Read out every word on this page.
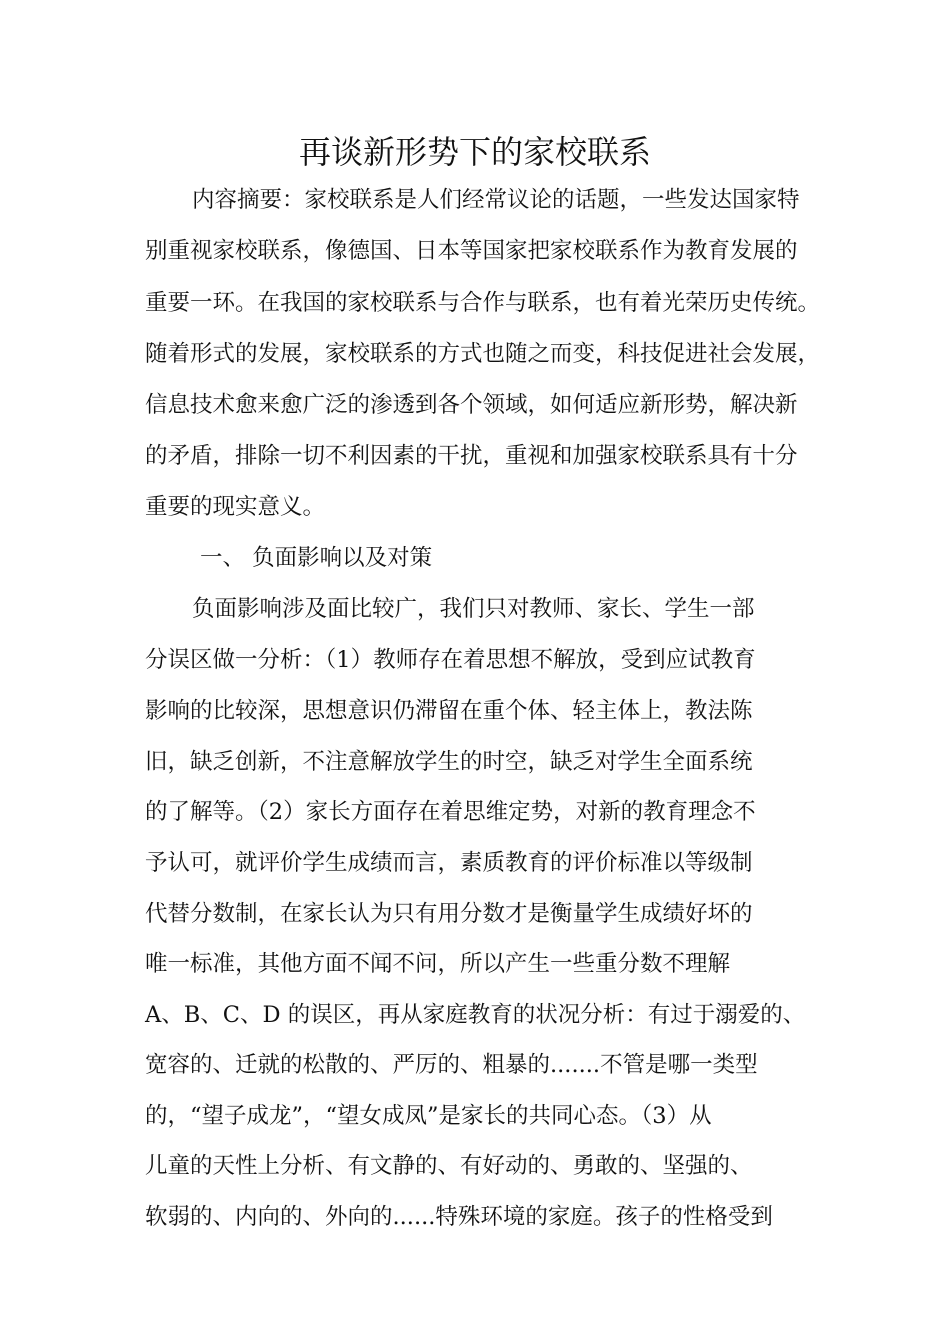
再谈新形势下的家校联系

内容摘要：家校联系是人们经常议论的话题，一些发达国家特

别重视家校联系，像德国、日本等国家把家校联系作为教育发展的

重要一环。在我国的家校联系与合作与联系，也有着光荣历史传统。

随着形式的发展，家校联系的方式也随之而变，科技促进社会发展，

信息技术愈来愈广泛的渗透到各个领域，如何适应新形势，解决新

的矛盾，排除一切不利因素的干扰，重视和加强家校联系具有十分

重要的现实意义。

一、 负面影响以及对策

负面影响涉及面比较广，我们只对教师、家长、学生一部

分误区做一分析：（1）教师存在着思想不解放，受到应试教育

影响的比较深，思想意识仍滞留在重个体、轻主体上，教法陈

旧，缺乏创新，不注意解放学生的时空，缺乏对学生全面系统

的了解等。（2）家长方面存在着思维定势，对新的教育理念不

予认可，就评价学生成绩而言，素质教育的评价标准以等级制

代替分数制，在家长认为只有用分数才是衡量学生成绩好坏的

唯一标准，其他方面不闻不问，所以产生一些重分数不理解

A、B、C、D 的误区，再从家庭教育的状况分析：有过于溺爱的、

宽容的、迁就的松散的、严厉的、粗暴的.......不管是哪一类型

的，“望子成龙”，“望女成凤”是家长的共同心态。（3）从

儿童的天性上分析、有文静的、有好动的、勇敢的、坚强的、

软弱的、内向的、外向的......特殊环境的家庭。孩子的性格受到
